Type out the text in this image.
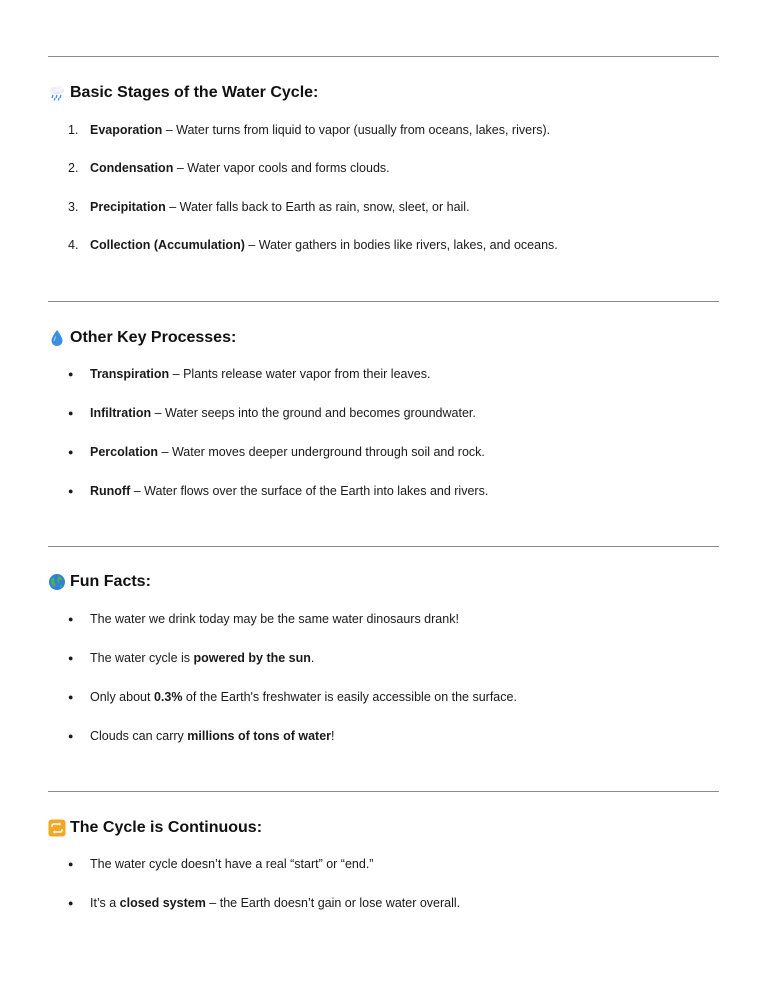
Basic Stages of the Water Cycle:
1. Evaporation – Water turns from liquid to vapor (usually from oceans, lakes, rivers).
2. Condensation – Water vapor cools and forms clouds.
3. Precipitation – Water falls back to Earth as rain, snow, sleet, or hail.
4. Collection (Accumulation) – Water gathers in bodies like rivers, lakes, and oceans.
Other Key Processes:
●	Transpiration – Plants release water vapor from their leaves.
●	Infiltration – Water seeps into the ground and becomes groundwater.
●	Percolation – Water moves deeper underground through soil and rock.
●	Runoff – Water flows over the surface of the Earth into lakes and rivers.
Fun Facts:
●	The water we drink today may be the same water dinosaurs drank!
●	The water cycle is powered by the sun.
●	Only about 0.3% of the Earth's freshwater is easily accessible on the surface.
●	Clouds can carry millions of tons of water!
The Cycle is Continuous:
●	The water cycle doesn’t have a real “start” or “end.”
●	It’s a closed system – the Earth doesn’t gain or lose water overall.
